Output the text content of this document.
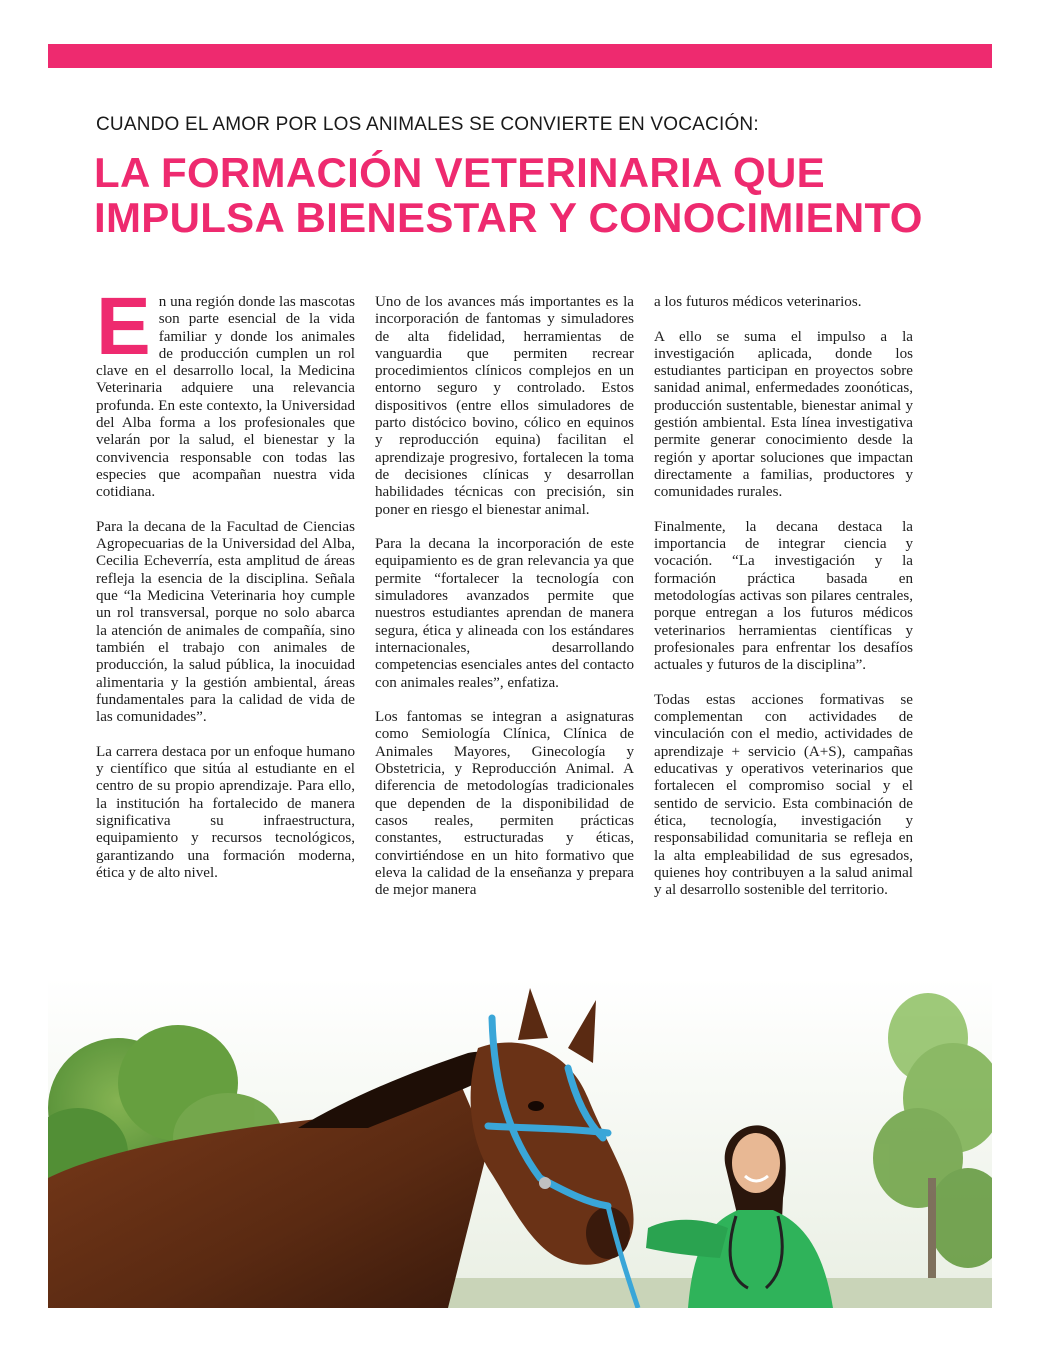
CUANDO EL AMOR POR LOS ANIMALES SE CONVIERTE EN VOCACIÓN:
LA FORMACIÓN VETERINARIA QUE
IMPULSA BIENESTAR Y CONOCIMIENTO

En una región donde las mascotas son parte esencial de la vida familiar y donde los animales de producción cumplen un rol clave en el desarrollo local, la Medicina Veterinaria adquiere una relevancia profunda. En este contexto, la Universidad del Alba forma a los profesionales que velarán por la salud, el bienestar y la convivencia responsable con todas las especies que acompañan nuestra vida cotidiana.

Para la decana de la Facultad de Ciencias Agropecuarias de la Universidad del Alba, Cecilia Echeverría, esta amplitud de áreas refleja la esencia de la disciplina. Señala que “la Medicina Veterinaria hoy cumple un rol transversal, porque no solo abarca la atención de animales de compañía, sino también el trabajo con animales de producción, la salud pública, la inocuidad alimentaria y la gestión ambiental, áreas fundamentales para la calidad de vida de las comunidades”.

La carrera destaca por un enfoque humano y científico que sitúa al estudiante en el centro de su propio aprendizaje. Para ello, la institución ha fortalecido de manera significativa su infraestructura, equipamiento y recursos tecnológicos, garantizando una formación moderna, ética y de alto nivel.

Uno de los avances más importantes es la incorporación de fantomas y simuladores de alta fidelidad, herramientas de vanguardia que permiten recrear procedimientos clínicos complejos en un entorno seguro y controlado. Estos dispositivos (entre ellos simuladores de parto distócico bovino, cólico en equinos y reproducción equina) facilitan el aprendizaje progresivo, fortalecen la toma de decisiones clínicas y desarrollan habilidades técnicas con precisión, sin poner en riesgo el bienestar animal.

Para la decana la incorporación de este equipamiento es de gran relevancia ya que permite “fortalecer la tecnología con simuladores avanzados permite que nuestros estudiantes aprendan de manera segura, ética y alineada con los estándares internacionales, desarrollando competencias esenciales antes del contacto con animales reales”, enfatiza.

Los fantomas se integran a asignaturas como Semiología Clínica, Clínica de Animales Mayores, Ginecología y Obstetricia, y Reproducción Animal. A diferencia de metodologías tradicionales que dependen de la disponibilidad de casos reales, permiten prácticas constantes, estructuradas y éticas, convirtiéndose en un hito formativo que eleva la calidad de la enseñanza y prepara de mejor manera

a los futuros médicos veterinarios.

A ello se suma el impulso a la investigación aplicada, donde los estudiantes participan en proyectos sobre sanidad animal, enfermedades zoonóticas, producción sustentable, bienestar animal y gestión ambiental. Esta línea investigativa permite generar conocimiento desde la región y aportar soluciones que impactan directamente a familias, productores y comunidades rurales.

Finalmente, la decana destaca la importancia de integrar ciencia y vocación. “La investigación y la formación práctica basada en metodologías activas son pilares centrales, porque entregan a los futuros médicos veterinarios herramientas científicas y profesionales para enfrentar los desafíos actuales y futuros de la disciplina”.

Todas estas acciones formativas se complementan con actividades de vinculación con el medio, actividades de aprendizaje + servicio (A+S), campañas educativas y operativos veterinarios que fortalecen el compromiso social y el sentido de servicio. Esta combinación de ética, tecnología, investigación y responsabilidad comunitaria se refleja en la alta empleabilidad de sus egresados, quienes hoy contribuyen a la salud animal y al desarrollo sostenible del territorio.
